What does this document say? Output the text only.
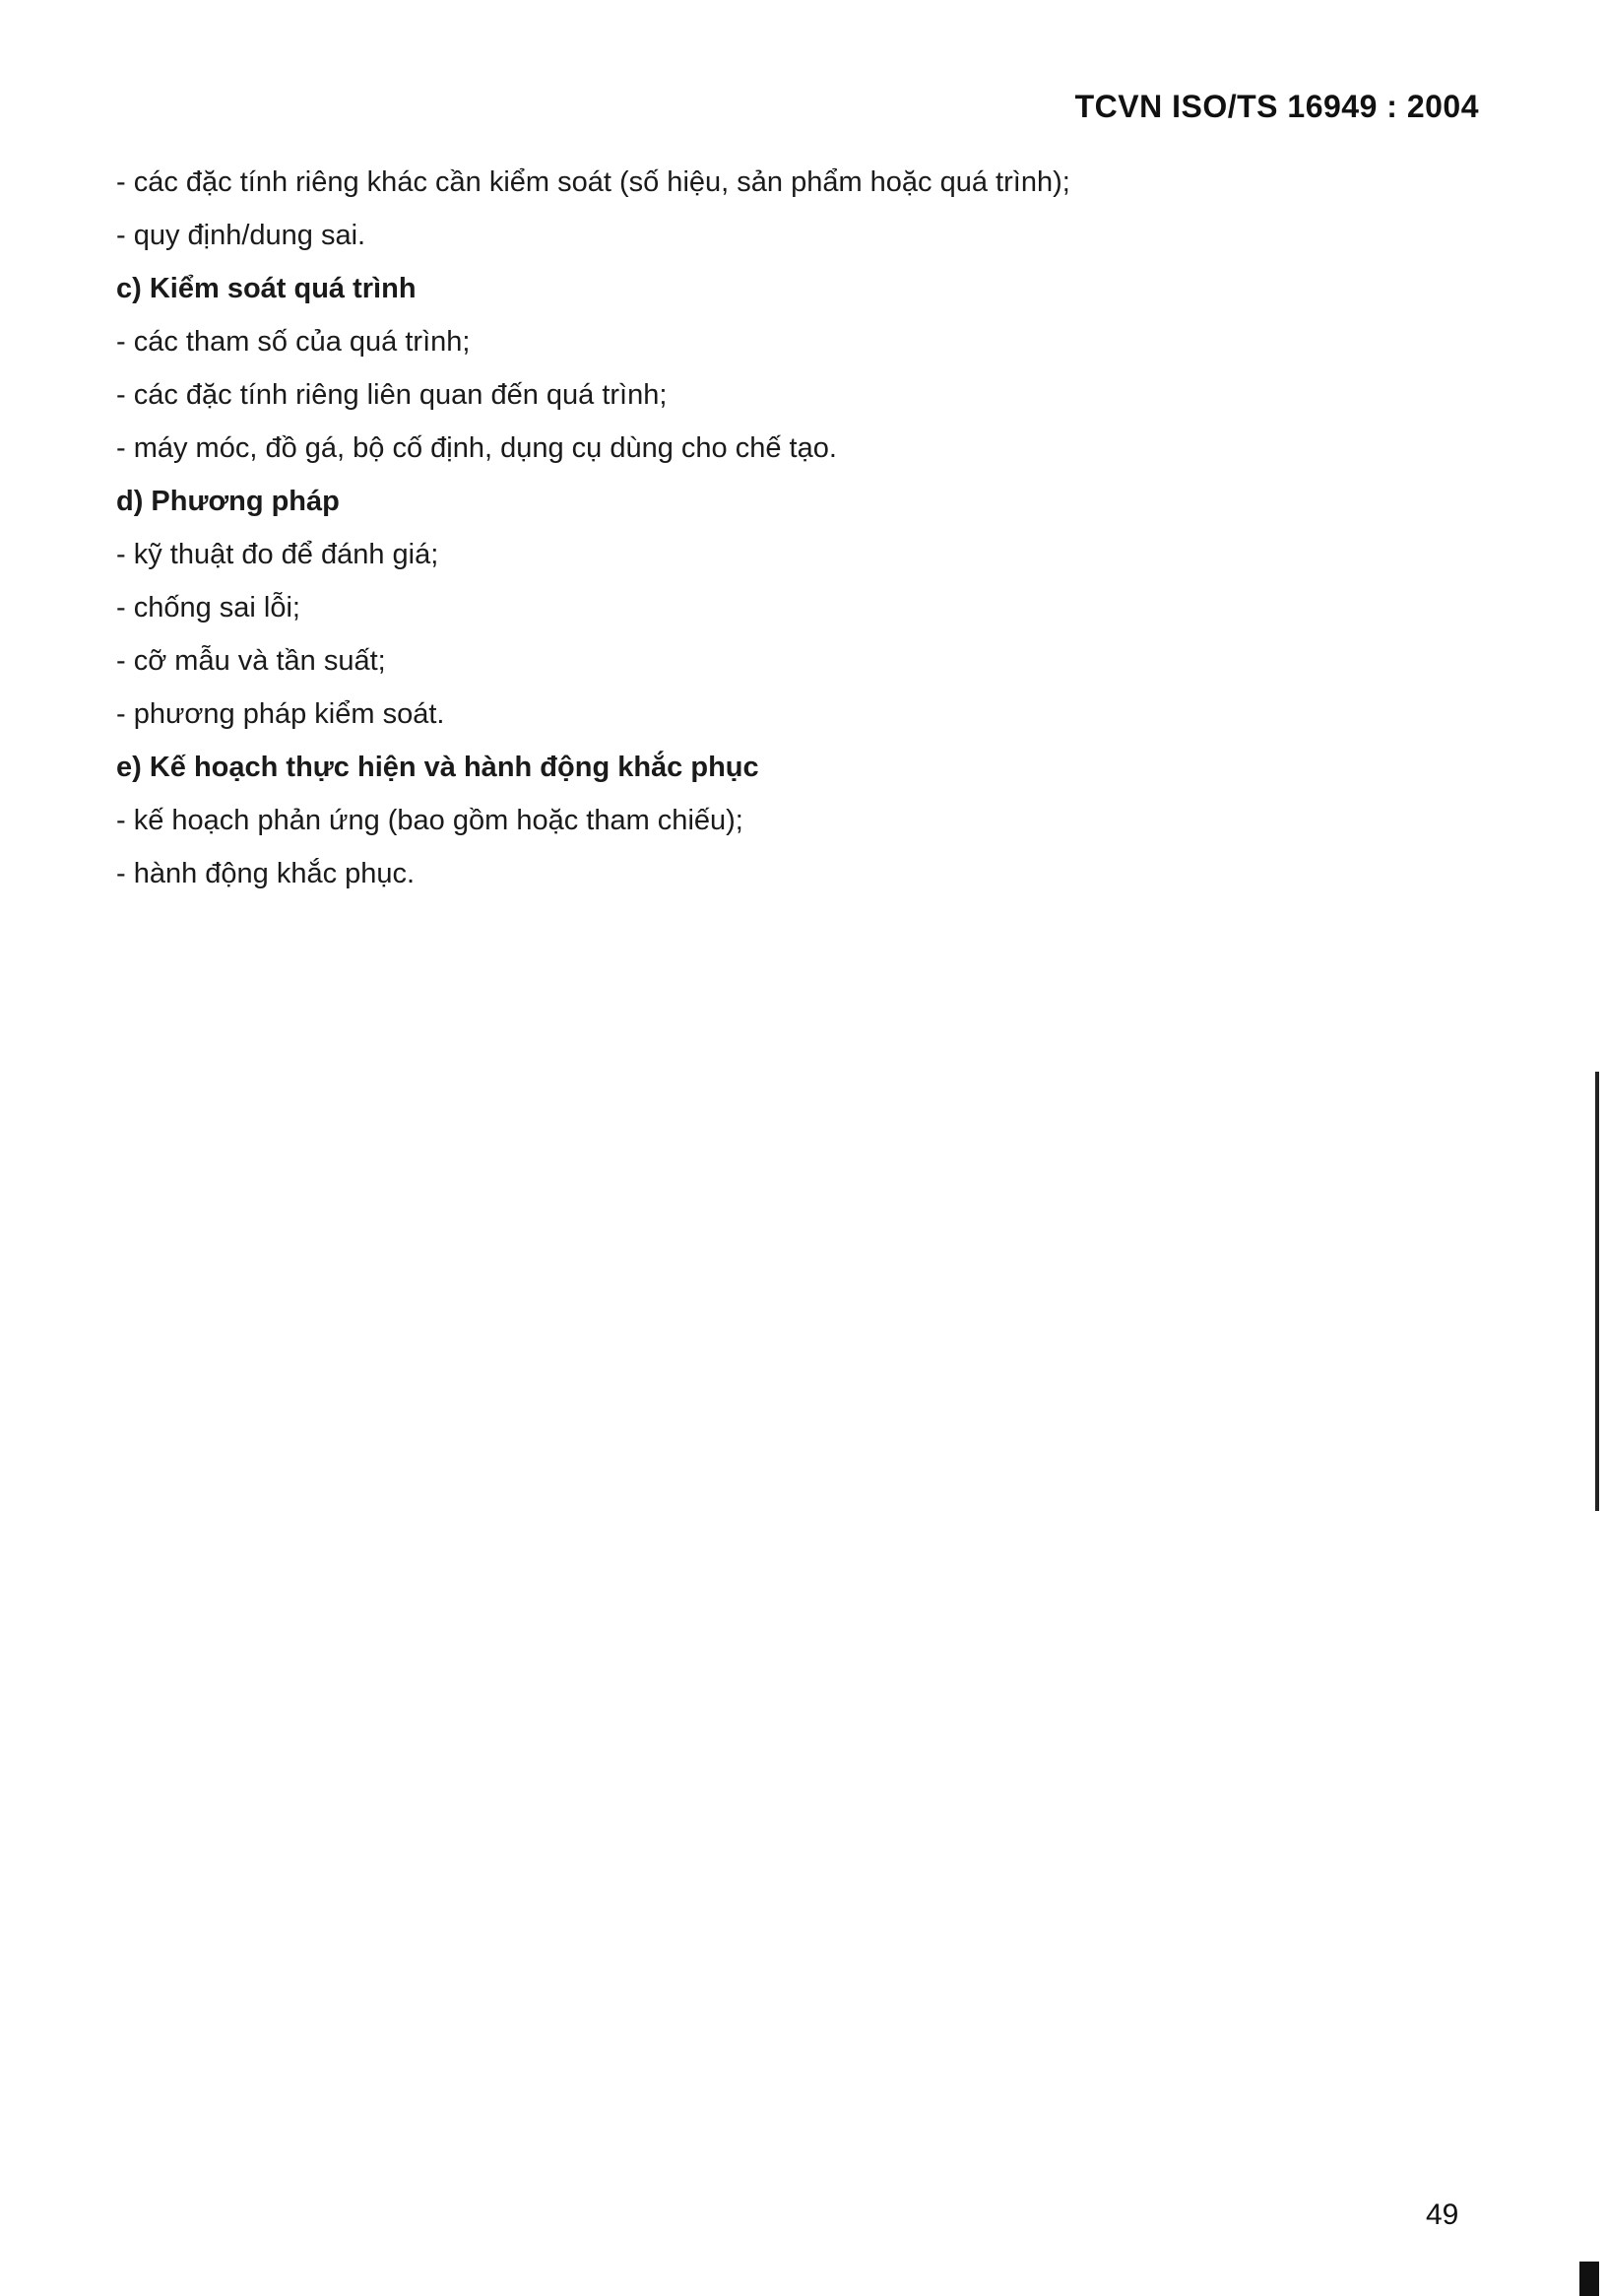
TCVN ISO/TS 16949 : 2004
- các đặc tính riêng khác cần kiểm soát (số hiệu, sản phẩm hoặc quá trình);
- quy định/dung sai.
c) Kiểm soát quá trình
- các tham số của quá trình;
- các đặc tính riêng liên quan đến quá trình;
- máy móc, đồ gá, bộ cố định, dụng cụ dùng cho chế tạo.
d) Phương pháp
- kỹ thuật đo để đánh giá;
- chống sai lỗi;
- cỡ mẫu và tần suất;
- phương pháp kiểm soát.
e) Kế hoạch thực hiện và hành động khắc phục
- kế hoạch phản ứng (bao gồm hoặc tham chiếu);
- hành động khắc phục.
49
